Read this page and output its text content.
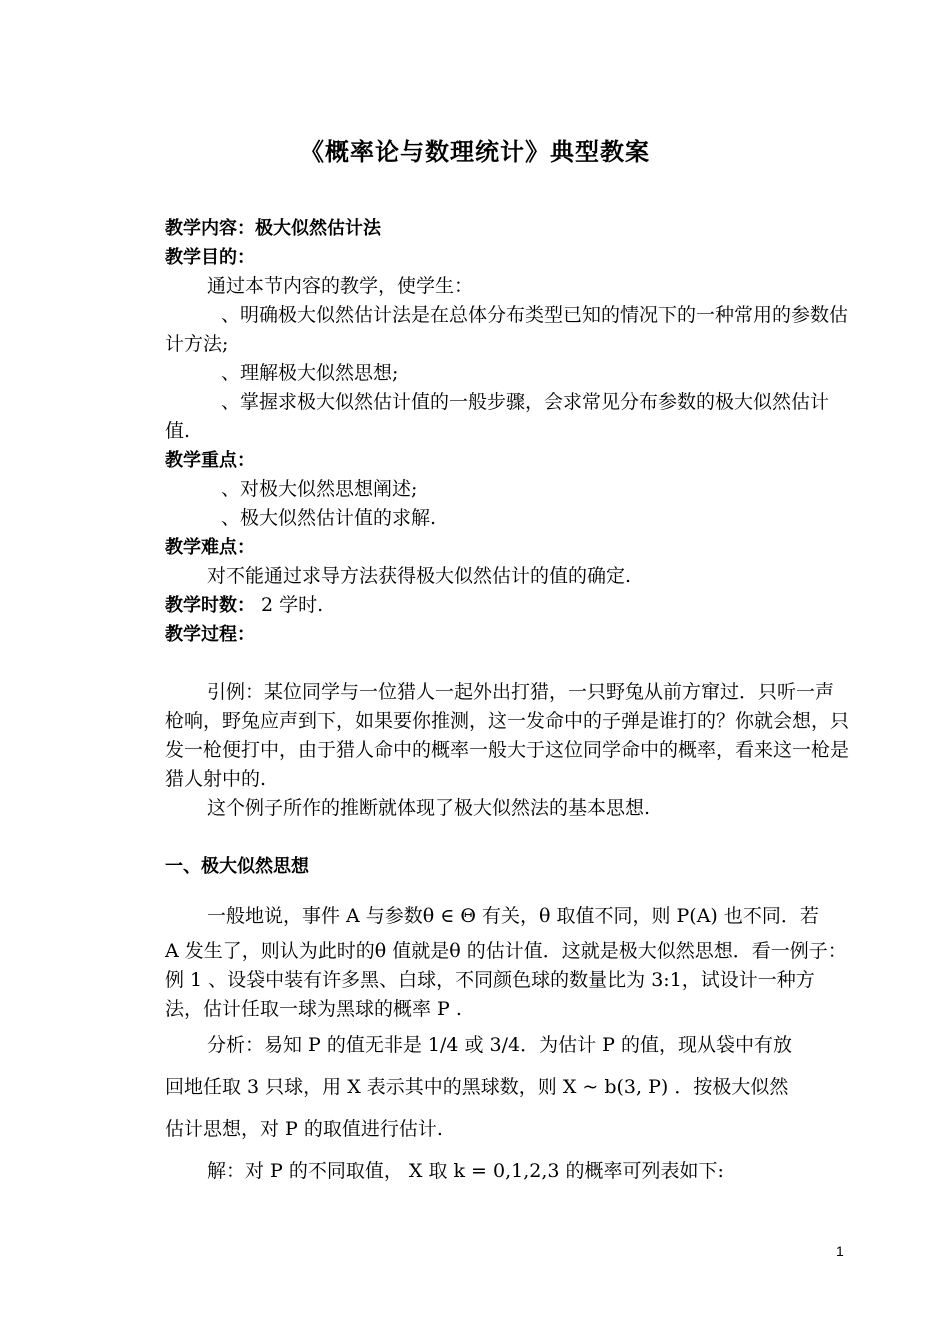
《概率论与数理统计》典型教案

教学内容：极大似然估计法

教学目的：

通过本节内容的教学，使学生：

、明确极大似然估计法是在总体分布类型已知的情况下的一种常用的参数估计方法;

、理解极大似然思想;

、掌握求极大似然估计值的一般步骤，会求常见分布参数的极大似然估计值.

教学重点：

、对极大似然思想阐述;

、极大似然估计值的求解.

教学难点：

对不能通过求导方法获得极大似然估计的值的确定.

教学时数： 2 学时.

教学过程：

引例：某位同学与一位猎人一起外出打猎，一只野兔从前方窜过．只听一声枪响，野兔应声到下，如果要你推测，这一发命中的子弹是谁打的？你就会想，只发一枪便打中，由于猎人命中的概率一般大于这位同学命中的概率，看来这一枪是猎人射中的.

这个例子所作的推断就体现了极大似然法的基本思想.

一、极大似然思想

一般地说，事件 A 与参数θ ∈ Θ 有关，θ 取值不同，则 P(A) 也不同．若

A 发生了，则认为此时的θ 值就是θ 的估计值．这就是极大似然思想．看一例子：例 1 、设袋中装有许多黑、白球，不同颜色球的数量比为 3:1，试设计一种方法，估计任取一球为黑球的概率 P .

分析：易知 P 的值无非是 1/4 或 3/4．为估计 P 的值，现从袋中有放

回地任取 3 只球，用 X 表示其中的黑球数，则 X ~ b(3, P) ．按极大似然

估计思想，对 P 的取值进行估计.

解：对 P 的不同取值， X 取 k = 0,1,2,3 的概率可列表如下:

1
